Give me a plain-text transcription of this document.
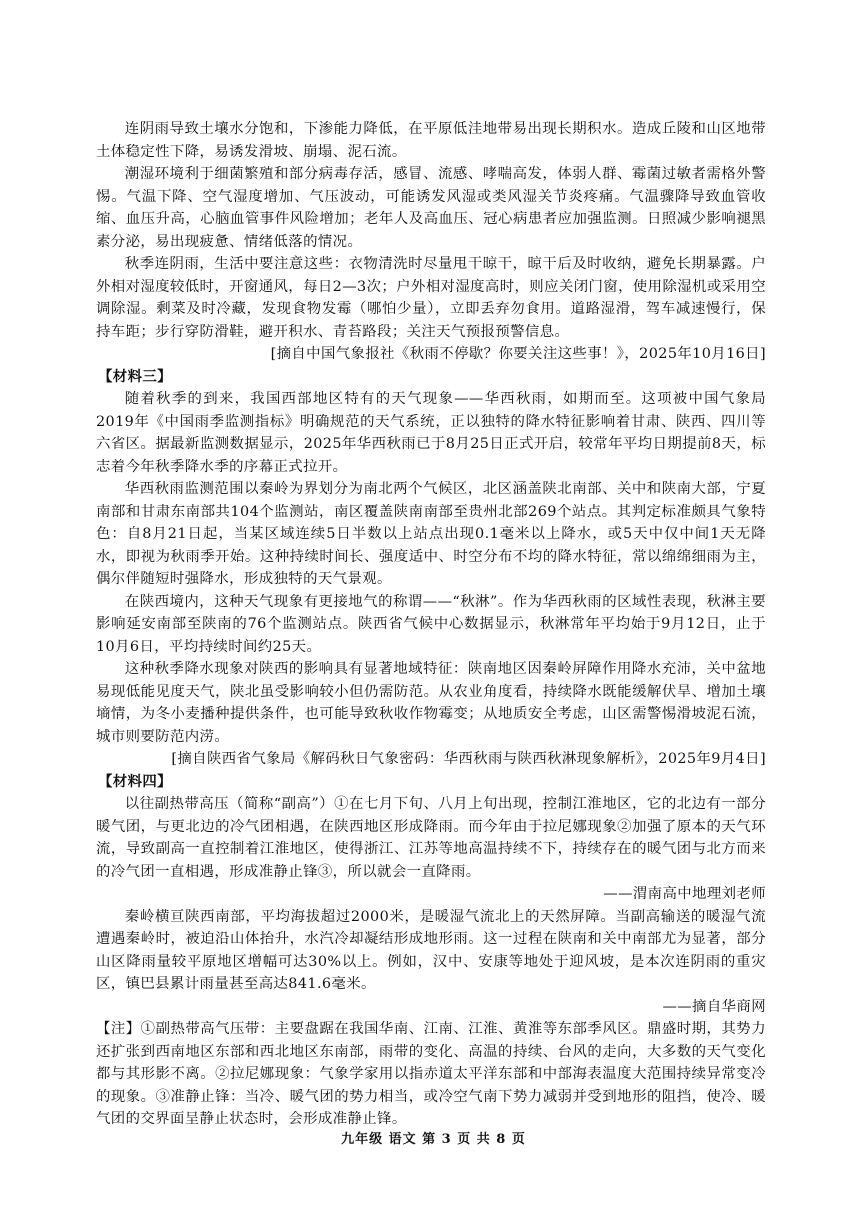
连阴雨导致土壤水分饱和，下渗能力降低，在平原低洼地带易出现长期积水。造成丘陵和山区地带土体稳定性下降，易诱发滑坡、崩塌、泥石流。

潮湿环境利于细菌繁殖和部分病毒存活，感冒、流感、哮喘高发，体弱人群、霉菌过敏者需格外警惕。气温下降、空气湿度增加、气压波动，可能诱发风湿或类风湿关节炎疼痛。气温骤降导致血管收缩、血压升高，心脑血管事件风险增加；老年人及高血压、冠心病患者应加强监测。日照减少影响褪黑素分泌，易出现疲惫、情绪低落的情况。

秋季连阴雨，生活中要注意这些：衣物清洗时尽量甩干晾干，晾干后及时收纳，避免长期暴露。户外相对湿度较低时，开窗通风，每日2—3次；户外相对湿度高时，则应关闭门窗，使用除湿机或采用空调除湿。剩菜及时冷藏，发现食物发霉（哪怕少量），立即丢弃勿食用。道路湿滑，驾车减速慢行，保持车距；步行穿防滑鞋，避开积水、青苔路段；关注天气预报预警信息。

[摘自中国气象报社《秋雨不停歇？你要关注这些事！》，2025年10月16日]

【材料三】

随着秋季的到来，我国西部地区特有的天气现象——华西秋雨，如期而至。这项被中国气象局2019年《中国雨季监测指标》明确规范的天气系统，正以独特的降水特征影响着甘肃、陕西、四川等六省区。据最新监测数据显示，2025年华西秋雨已于8月25日正式开启，较常年平均日期提前8天，标志着今年秋季降水季的序幕正式拉开。

华西秋雨监测范围以秦岭为界划分为南北两个气候区，北区涵盖陕北南部、关中和陕南大部，宁夏南部和甘肃东南部共104个监测站，南区覆盖陕南南部至贵州北部269个站点。其判定标准颇具气象特色：自8月21日起，当某区域连续5日半数以上站点出现0.1毫米以上降水，或5天中仅中间1天无降水，即视为秋雨季开始。这种持续时间长、强度适中、时空分布不均的降水特征，常以绵绵细雨为主，偶尔伴随短时强降水，形成独特的天气景观。

在陕西境内，这种天气现象有更接地气的称谓——“秋淋”。作为华西秋雨的区域性表现，秋淋主要影响延安南部至陕南的76个监测站点。陕西省气候中心数据显示，秋淋常年平均始于9月12日，止于10月6日，平均持续时间约25天。

这种秋季降水现象对陕西的影响具有显著地域特征：陕南地区因秦岭屏障作用降水充沛，关中盆地易现低能见度天气，陕北虽受影响较小但仍需防范。从农业角度看，持续降水既能缓解伏旱、增加土壤墒情，为冬小麦播种提供条件，也可能导致秋收作物霉变；从地质安全考虑，山区需警惕滑坡泥石流，城市则要防范内涝。

[摘自陕西省气象局《解码秋日气象密码：华西秋雨与陕西秋淋现象解析》，2025年9月4日]

【材料四】

以往副热带高压（简称“副高”）①在七月下旬、八月上旬出现，控制江淮地区，它的北边有一部分暖气团，与更北边的冷气团相遇，在陕西地区形成降雨。而今年由于拉尼娜现象②加强了原本的天气环流，导致副高一直控制着江淮地区，使得浙江、江苏等地高温持续不下，持续存在的暖气团与北方而来的冷气团一直相遇，形成准静止锋③，所以就会一直降雨。

——渭南高中地理刘老师

秦岭横亘陕西南部，平均海拔超过2000米，是暖湿气流北上的天然屏障。当副高输送的暖湿气流遭遇秦岭时，被迫沿山体抬升，水汽冷却凝结形成地形雨。这一过程在陕南和关中南部尤为显著，部分山区降雨量较平原地区增幅可达30%以上。例如，汉中、安康等地处于迎风坡，是本次连阴雨的重灾区，镇巴县累计雨量甚至高达841.6毫米。

——摘自华商网

【注】①副热带高气压带：主要盘踞在我国华南、江南、江淮、黄淮等东部季风区。鼎盛时期，其势力还扩张到西南地区东部和西北地区东南部，雨带的变化、高温的持续、台风的走向，大多数的天气变化都与其形影不离。②拉尼娜现象：气象学家用以指赤道太平洋东部和中部海表温度大范围持续异常变冷的现象。③准静止锋：当冷、暖气团的势力相当，或冷空气南下势力减弱并受到地形的阻挡，使冷、暖气团的交界面呈静止状态时，会形成准静止锋。

九年级 语文 第 3 页 共 8 页
